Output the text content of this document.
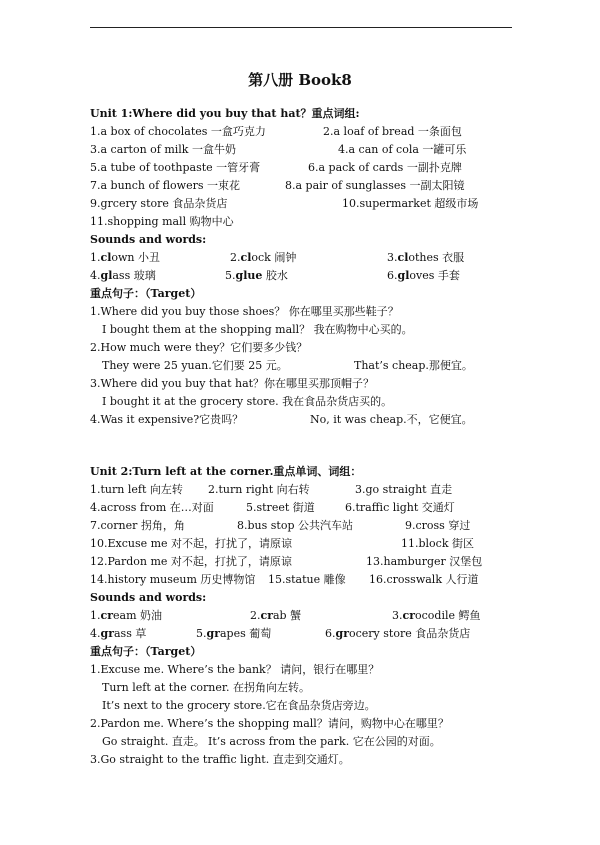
第八册 Book8
Unit 1:Where did you buy that hat？重点词组:
1.a box of chocolates 一盒巧克力	2.a loaf of bread 一条面包
3.a carton of milk 一盒牛奶	4.a can of cola 一罐可乐
5.a tube of toothpaste 一管牙膏	6.a pack of cards 一副扑克牌
7.a bunch of flowers 一束花	8.a pair of sunglasses 一副太阳镜
9.grcery store 食品杂货店	10.supermarket 超级市场
11.shopping mall 购物中心
Sounds and words:
1.clown 小丑	2.clock 闹钟	3.clothes 衣服
4.glass 玻璃	5.glue 胶水	6.gloves 手套
重点句子：（Target）
1.Where did you buy those shoes？ 你在哪里买那些鞋子？
I bought them at the shopping mall？ 我在购物中心买的。
2.How much were they？它们要多少钱？
They were 25 yuan.它们要 25 元。	That’s cheap.那便宜。
3.Where did you buy that hat？你在哪里买那顶帽子？
I bought it at the grocery store. 我在食品杂货店买的。
4.Was it expensive?它贵吗？	No, it was cheap.不，它便宜。
Unit 2:Turn left at the corner.重点单词、词组：
1.turn left 向左转 2.turn right 向右转	3.go straight 直走
4.across from 在…对面	5.street 街道	6.traffic light 交通灯
7.corner 拐角，角	8.bus stop 公共汽车站	9.cross 穿过
10.Excuse me 对不起，打扰了，请原谅	11.block 街区
12.Pardon me 对不起，打扰了，请原谅	13.hamburger 汉堡包
14.history museum 历史博物馆 15.statue 雕像 16.crosswalk 人行道
Sounds and words:
1.cream 奶油	2.crab 蟹	3.crocodile 鳄鱼
4.grass 草	5.grapes 葡萄	6.grocery store 食品杂货店
重点句子：（Target）
1.Excuse me. Where’s the bank？ 请问，银行在哪里？
Turn left at the corner. 在拐角向左转。
It’s next to the grocery store.它在食品杂货店旁边。
2.Pardon me. Where’s the shopping mall？请问，购物中心在哪里？
Go straight. 直走。 It’s across from the park. 它在公园的对面。
3.Go straight to the traffic light. 直走到交通灯。
